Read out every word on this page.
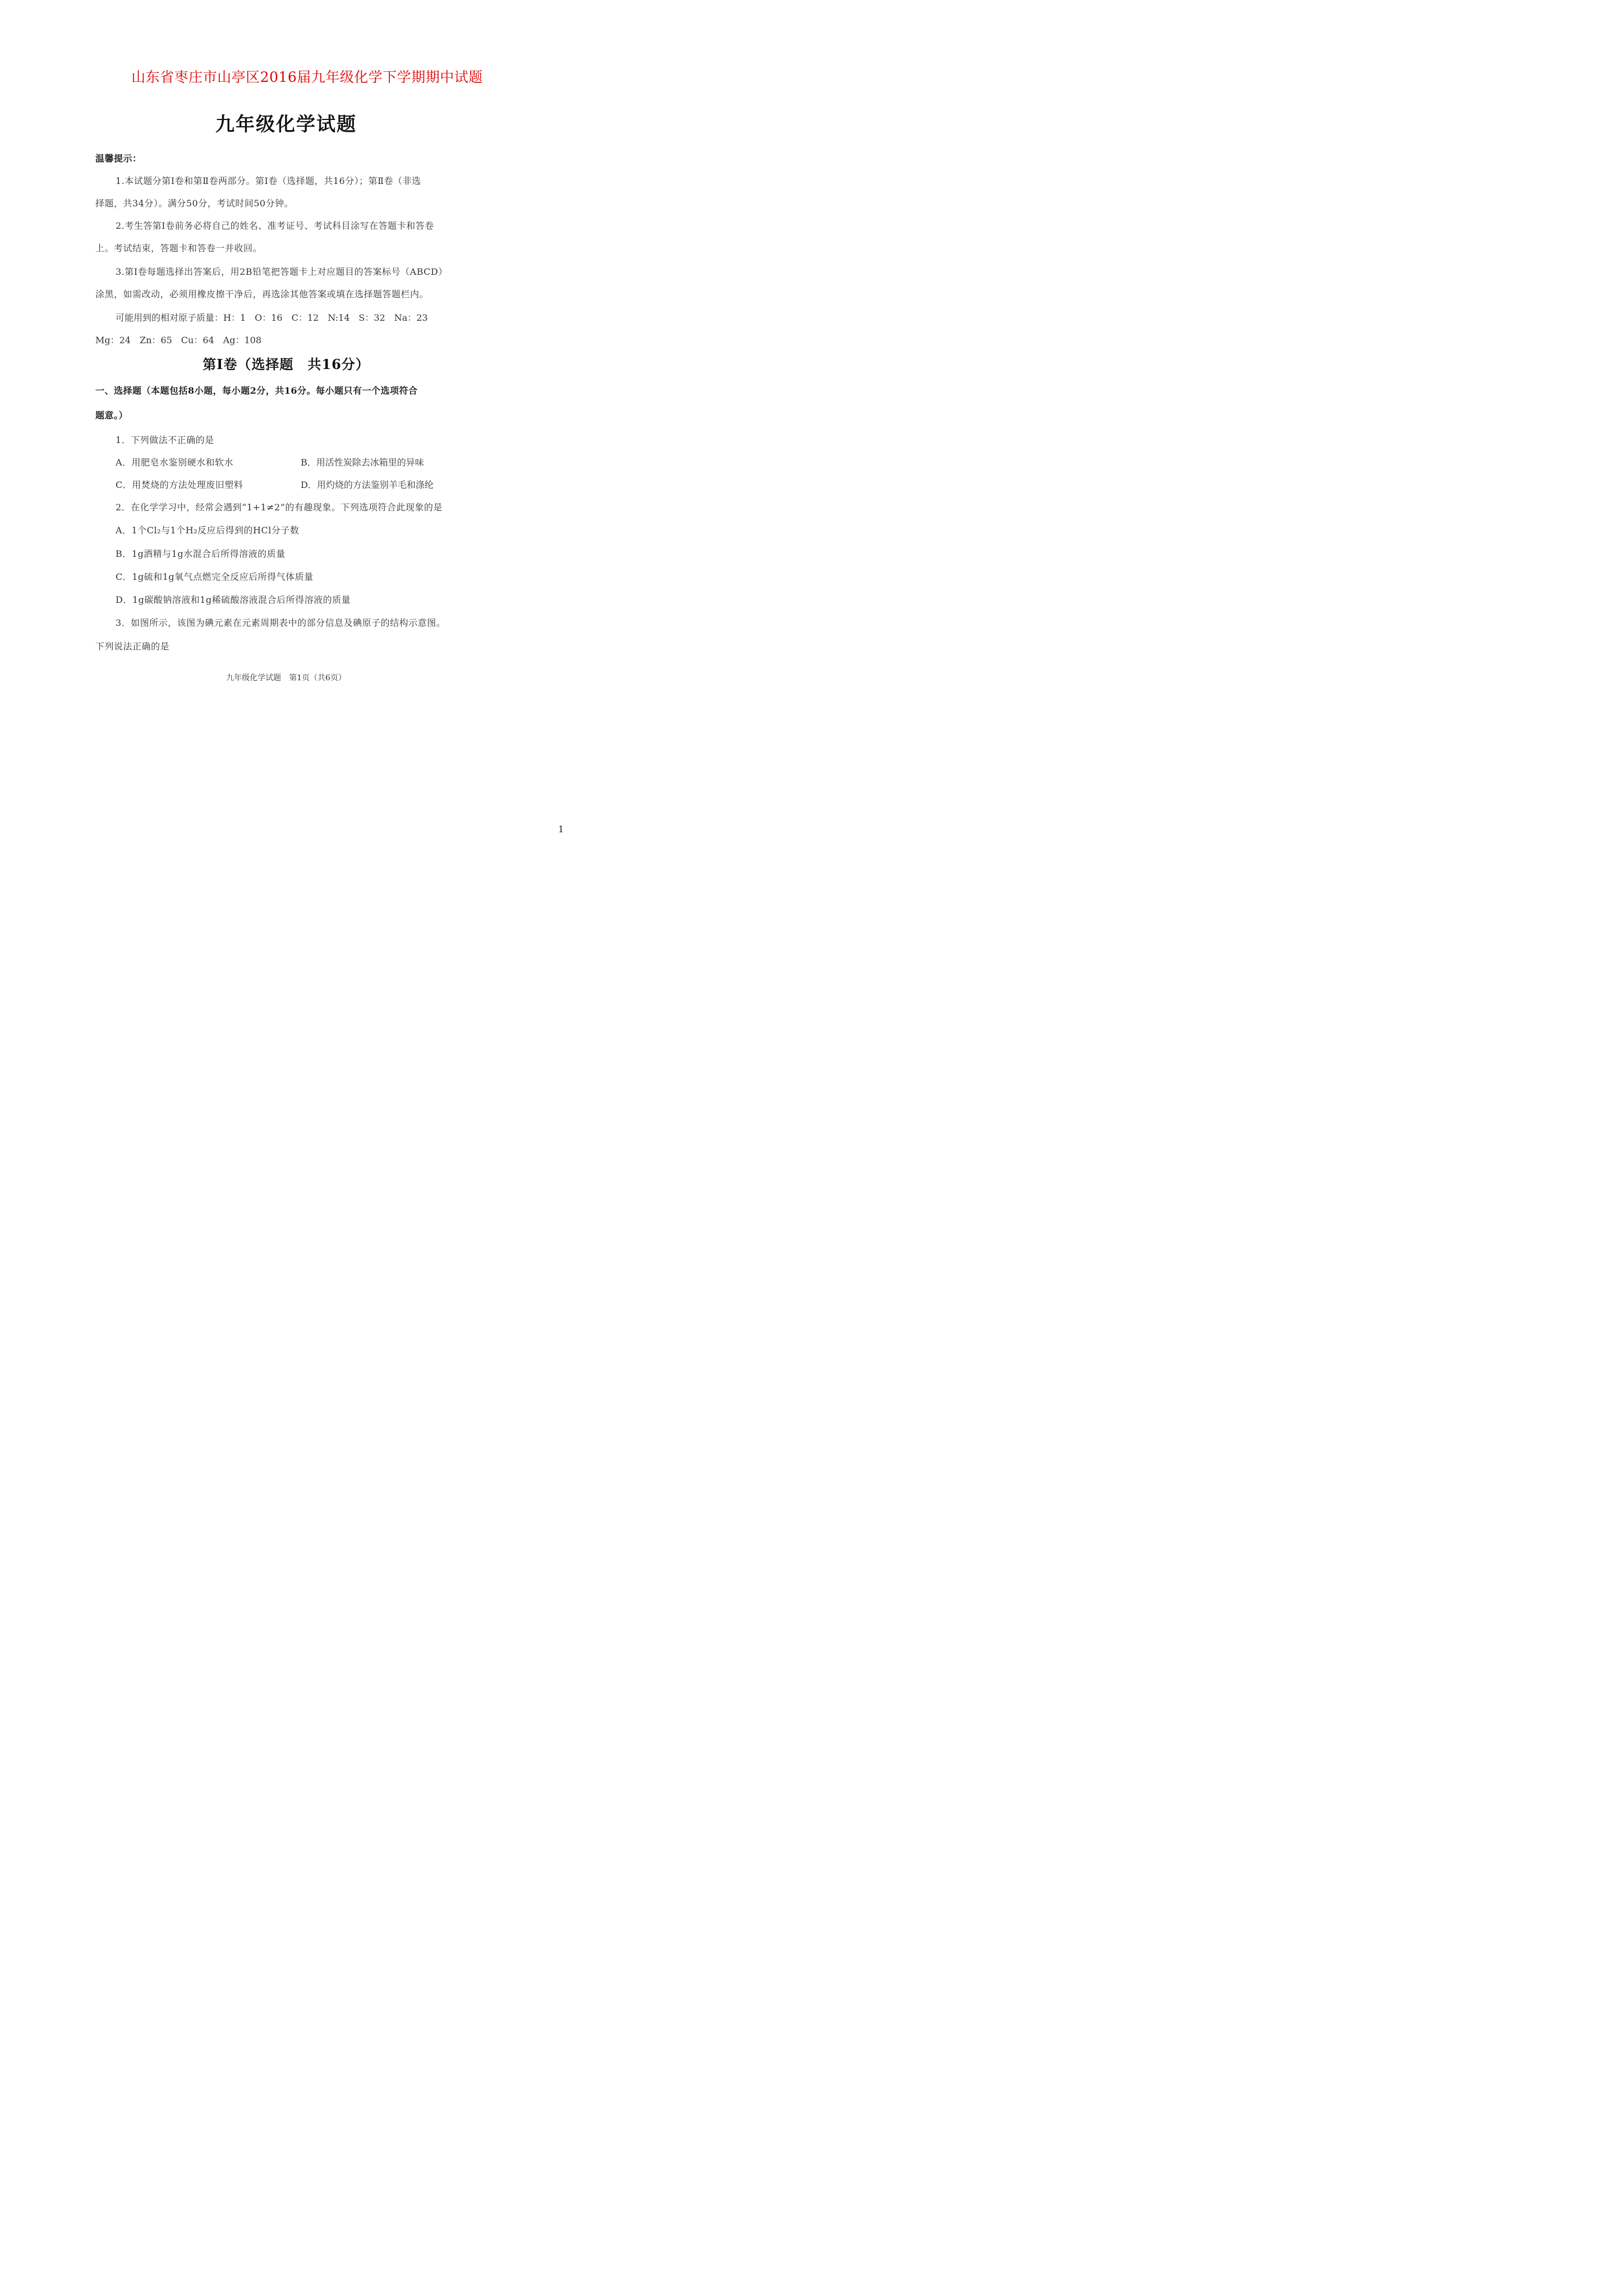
山东省枣庄市山亭区2016届九年级化学下学期期中试题
九年级化学试题
温馨提示：
1.本试题分第Ⅰ卷和第Ⅱ卷两部分。第Ⅰ卷（选择题，共16分）；第Ⅱ卷（非选
择题，共34分）。满分50分，考试时间50分钟。
2.考生答第Ⅰ卷前务必将自己的姓名、准考证号、考试科目涂写在答题卡和答卷
上。考试结束，答题卡和答卷一并收回。
3.第Ⅰ卷每题选择出答案后，用2B铅笔把答题卡上对应题目的答案标号（ABCD）
涂黑，如需改动，必须用橡皮擦干净后，再选涂其他答案或填在选择题答题栏内。
可能用到的相对原子质量：H：1　O：16　C：12　N:14　S：32　Na：23
Mg：24　Zn：65　Cu：64　Ag：108
第Ⅰ卷（选择题　共16分）
一、选择题（本题包括8小题，每小题2分，共16分。每小题只有一个选项符合
题意。）
1．下列做法不正确的是
A．用肥皂水鉴别硬水和软水	B．用活性炭除去冰箱里的异味
C．用焚烧的方法处理废旧塑料	D．用灼烧的方法鉴别羊毛和涤纶
2．在化学学习中，经常会遇到“1+1≠2”的有趣现象。下列选项符合此现象的是
A．1个Cl₂与1个H₂反应后得到的HCl分子数
B．1g酒精与1g水混合后所得溶液的质量
C．1g硫和1g氧气点燃完全反应后所得气体质量
D．1g碳酸钠溶液和1g稀硫酸溶液混合后所得溶液的质量
3．如图所示，该图为碘元素在元素周期表中的部分信息及碘原子的结构示意图。
下列说法正确的是
九年级化学试题　第1页（共6页）
1
